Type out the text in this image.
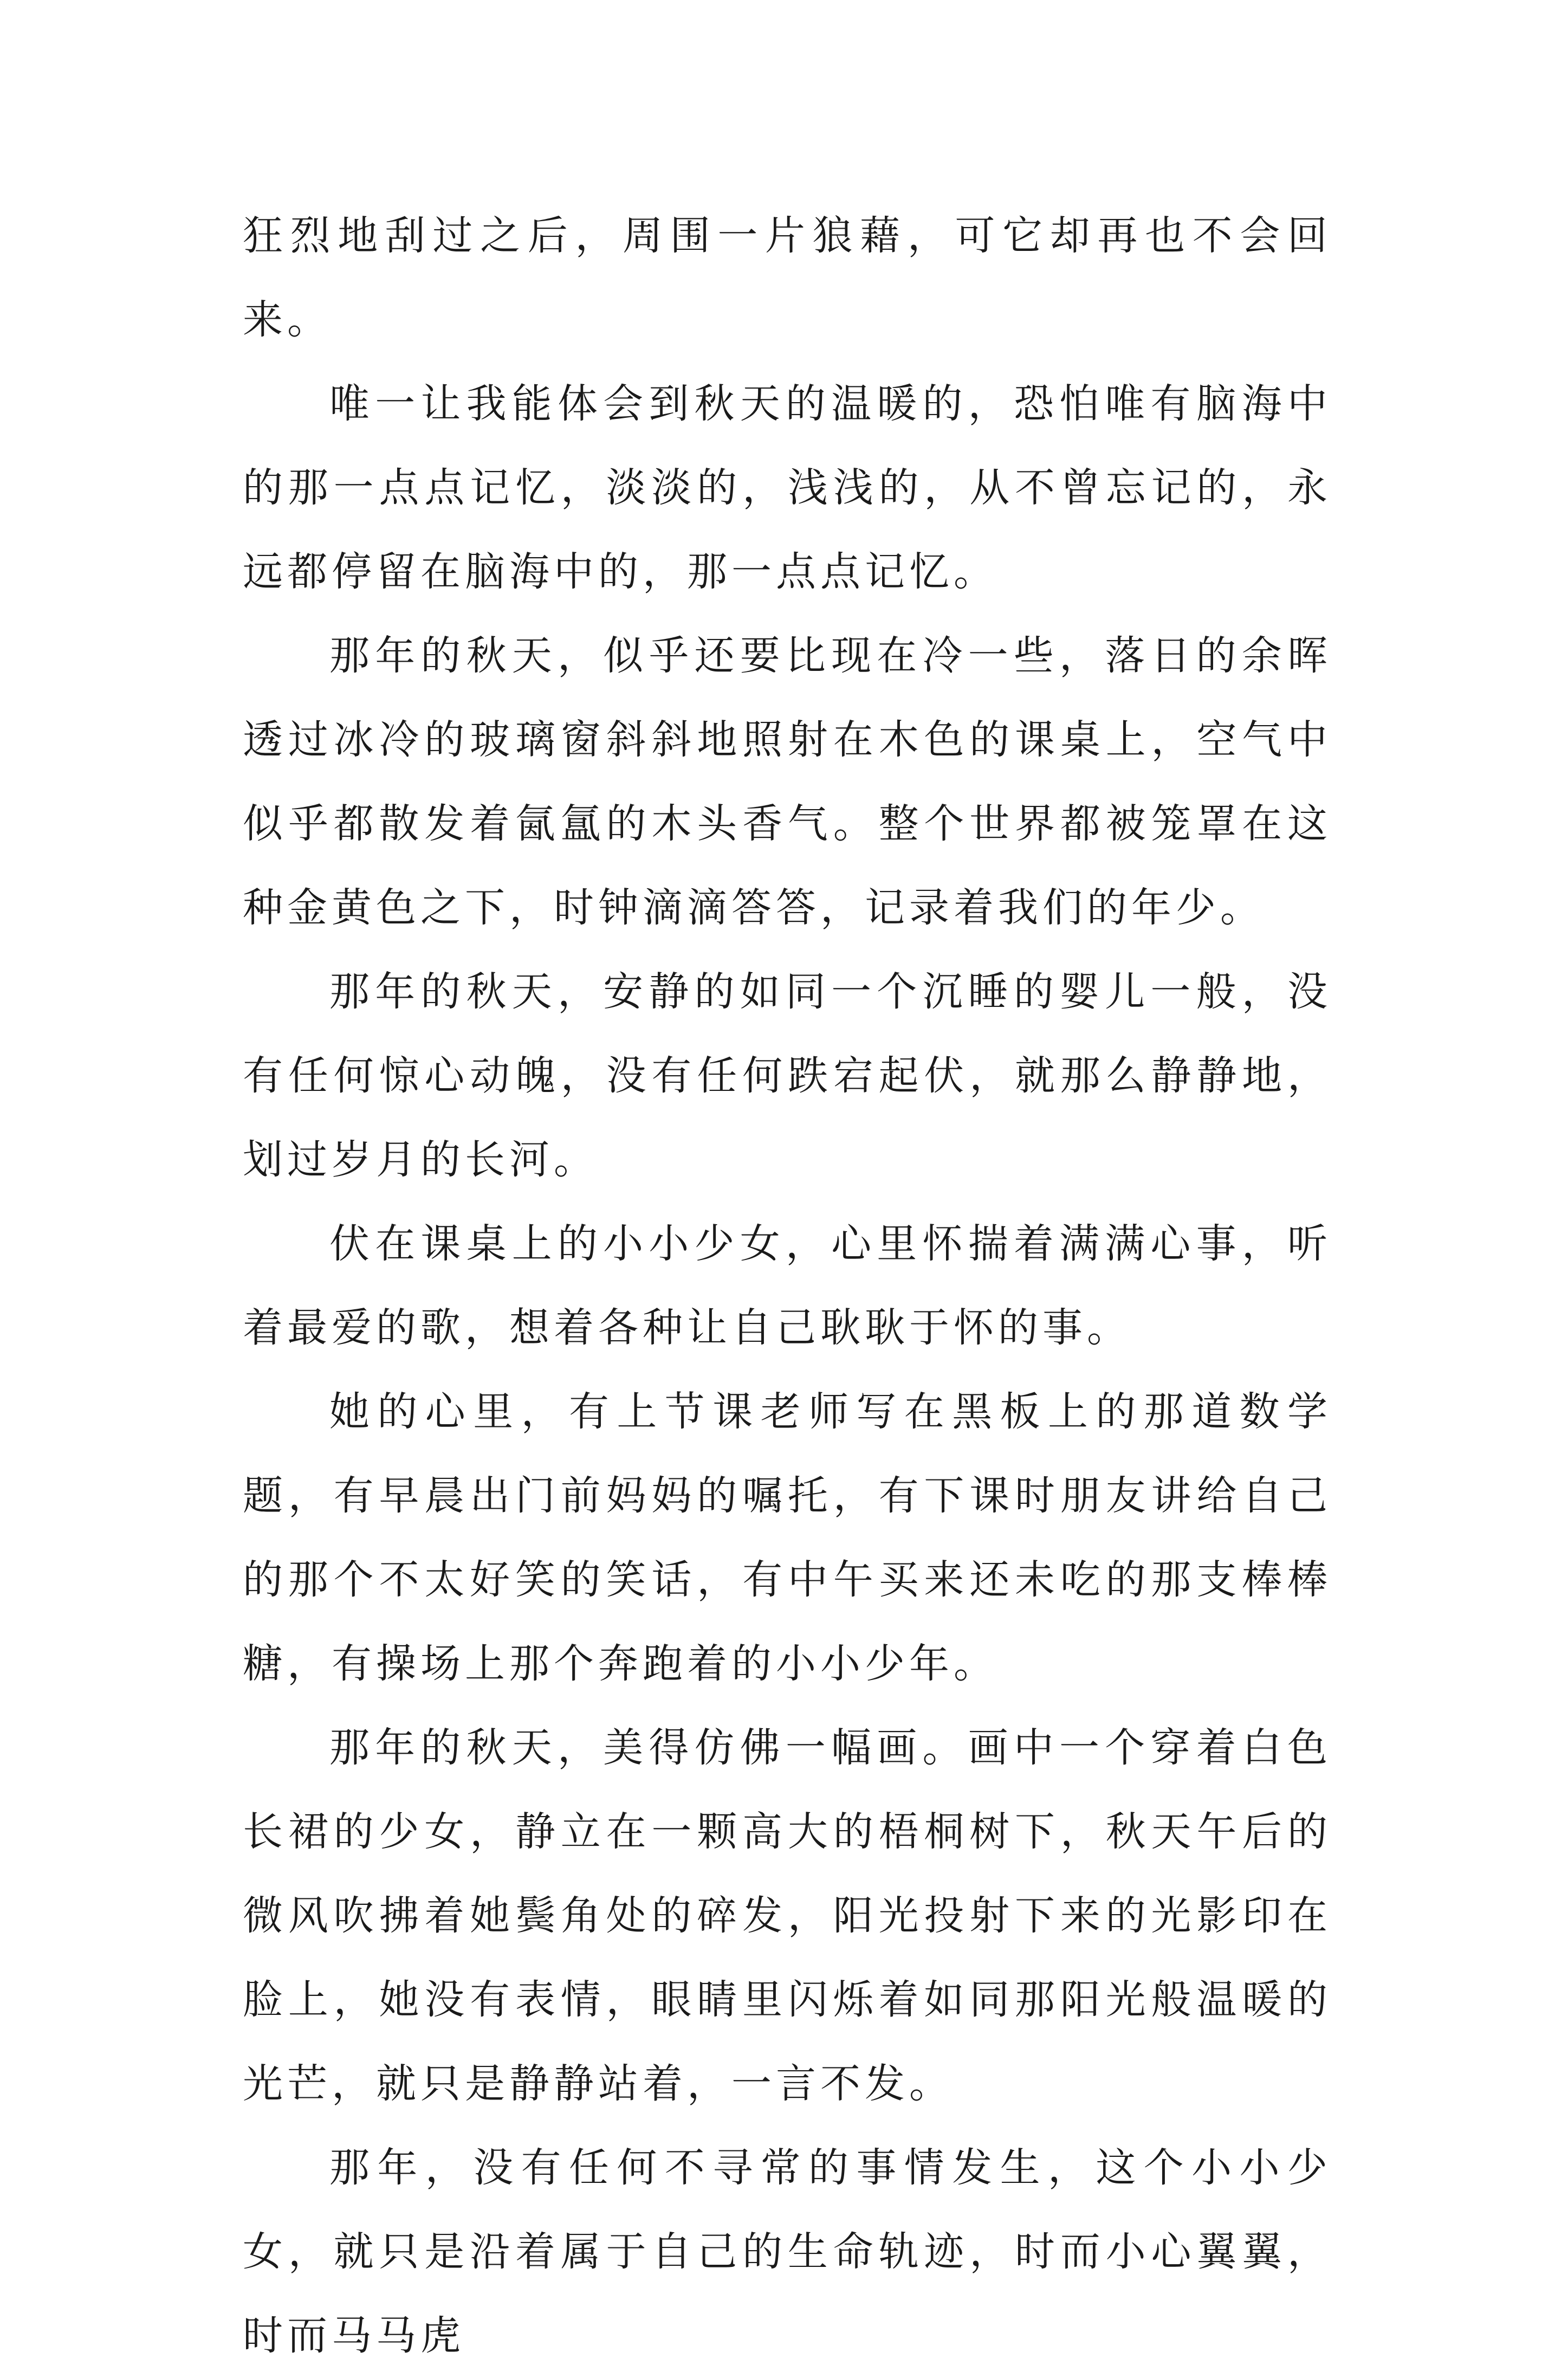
狂烈地刮过之后，周围一片狼藉，可它却再也不会回来。

唯一让我能体会到秋天的温暖的，恐怕唯有脑海中的那一点点记忆，淡淡的，浅浅的，从不曾忘记的，永远都停留在脑海中的，那一点点记忆。

那年的秋天，似乎还要比现在冷一些，落日的余晖透过冰冷的玻璃窗斜斜地照射在木色的课桌上，空气中似乎都散发着氤氲的木头香气。整个世界都被笼罩在这种金黄色之下，时钟滴滴答答，记录着我们的年少。

那年的秋天，安静的如同一个沉睡的婴儿一般，没有任何惊心动魄，没有任何跌宕起伏，就那么静静地，划过岁月的长河。

伏在课桌上的小小少女，心里怀揣着满满心事，听着最爱的歌，想着各种让自己耿耿于怀的事。

她的心里，有上节课老师写在黑板上的那道数学题，有早晨出门前妈妈的嘱托，有下课时朋友讲给自己的那个不太好笑的笑话，有中午买来还未吃的那支棒棒糖，有操场上那个奔跑着的小小少年。

那年的秋天，美得仿佛一幅画。画中一个穿着白色长裙的少女，静立在一颗高大的梧桐树下，秋天午后的微风吹拂着她鬓角处的碎发，阳光投射下来的光影印在脸上，她没有表情，眼睛里闪烁着如同那阳光般温暖的光芒，就只是静静站着，一言不发。

那年，没有任何不寻常的事情发生，这个小小少女，就只是沿着属于自己的生命轨迹，时而小心翼翼，时而马马虎
